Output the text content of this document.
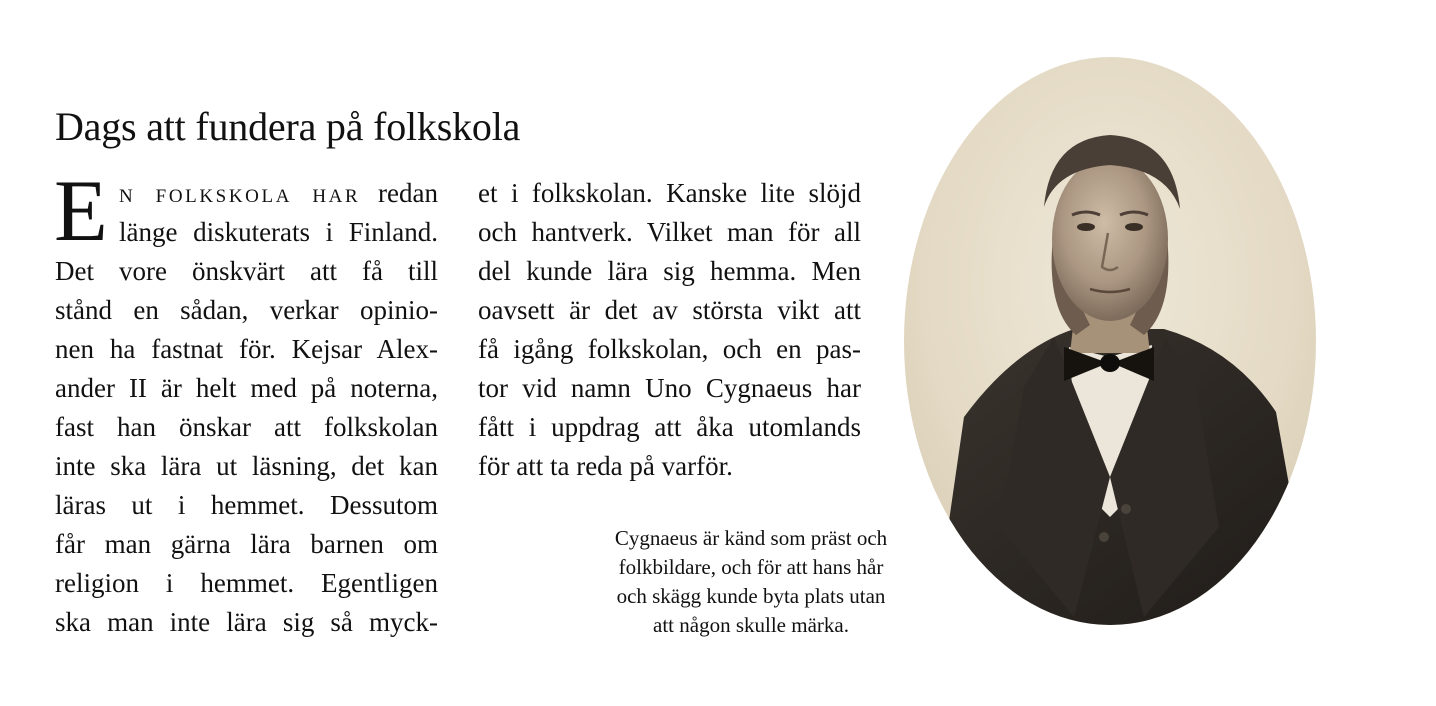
Dags att fundera på folkskola
E n folkskola har redan
länge diskuterats i Finland.
Det vore önskvärt att få till
stånd en sådan, verkar opinio-
nen ha fastnat för. Kejsar Alex-
ander II är helt med på noterna,
fast han önskar att folkskolan
inte ska lära ut läsning, det kan
läras ut i hemmet. Dessutom
får man gärna lära barnen om
religion i hemmet. Egentligen
ska man inte lära sig så myck-
et i folkskolan. Kanske lite slöjd
och hantverk. Vilket man för all
del kunde lära sig hemma. Men
oavsett är det av största vikt att
få igång folkskolan, och en pas-
tor vid namn Uno Cygnaeus har
fått i uppdrag att åka utomlands
för att ta reda på varför.
Cygnaeus är känd som präst och
folkbildare, och för att hans hår
och skägg kunde byta plats utan
att någon skulle märka.
